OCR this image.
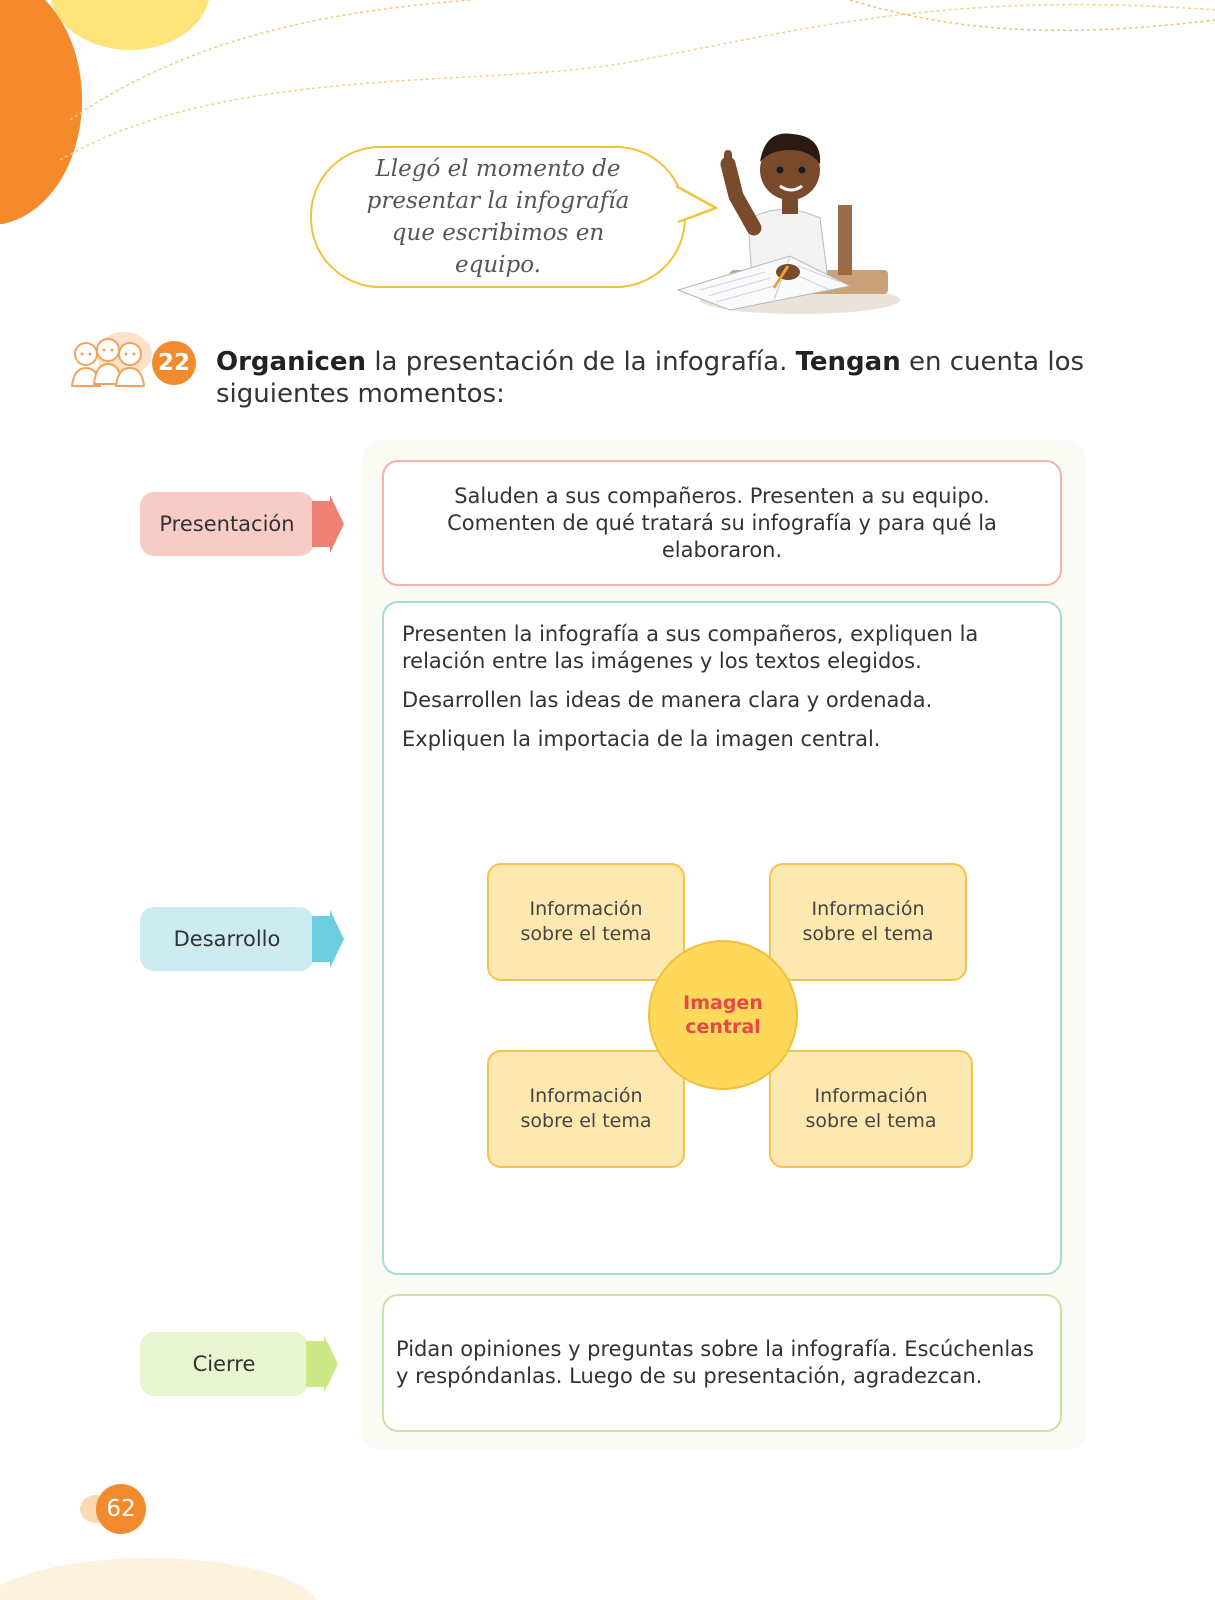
Llegó el momento de presentar la infografía que escribimos en equipo.
22 Organicen la presentación de la infografía. Tengan en cuenta los siguientes momentos:
Presentación
Saluden a sus compañeros. Presenten a su equipo. Comenten de qué tratará su infografía y para qué la elaboraron.
Desarrollo
Presenten la infografía a sus compañeros, expliquen la relación entre las imágenes y los textos elegidos.
Desarrollen las ideas de manera clara y ordenada.
Expliquen la importacia de la imagen central.
Información sobre el tema
Información sobre el tema
Información sobre el tema
Información sobre el tema
Imagen central
Cierre
Pidan opiniones y preguntas sobre la infografía. Escúchenlas y respóndanlas. Luego de su presentación, agradezcan.
62
